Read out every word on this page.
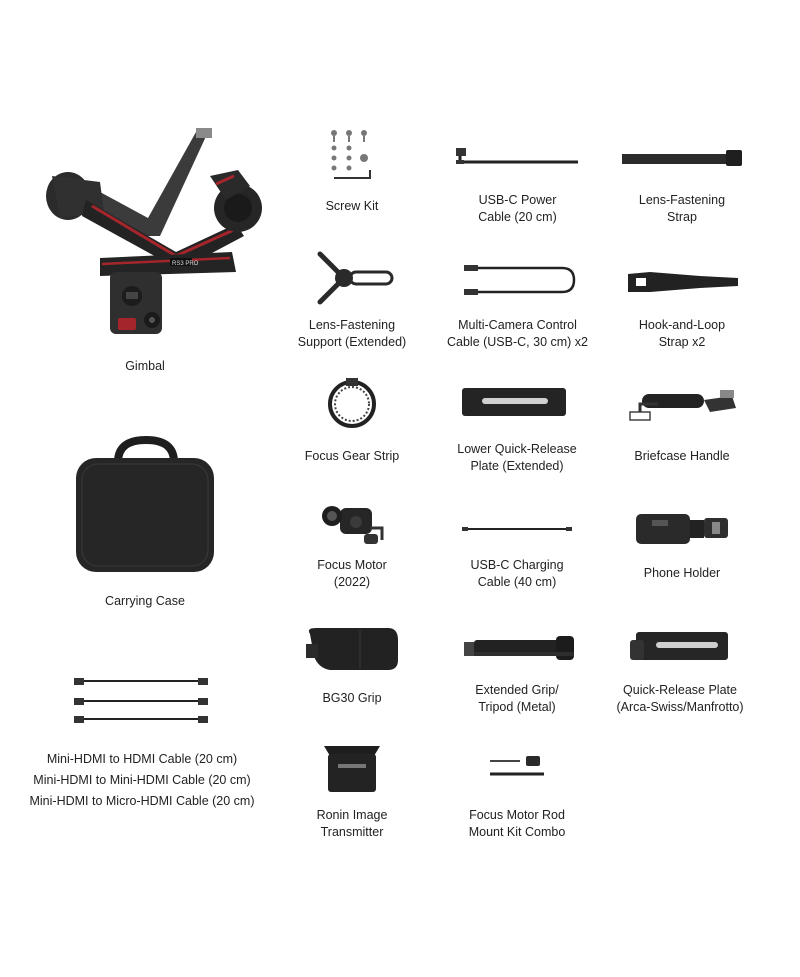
RS3 PRO
Gimbal
Screw Kit	USB-C Power
Cable (20 cm)
Lens-Fastening
Strap
Lens-Fastening
Support (Extended)
Multi-Camera Control
Cable (USB-C, 30 cm) x2
Hook-and-Loop
Strap x2
Carrying Case
Focus Gear Strip	Lower Quick-Release
Plate (Extended)
Briefcase Handle
Focus Motor
(2022)
USB-C Charging
Cable (40 cm)
Phone Holder
BG30 Grip
Extended Grip/
Tripod (Metal)
Quick-Release Plate
(Arca-Swiss/Manfrotto)
Mini-HDMI to HDMI Cable (20 cm)
Mini-HDMI to Mini-HDMI Cable (20 cm)
Mini-HDMI to Micro-HDMI Cable (20 cm)
Ronin Image
Transmitter
Focus Motor Rod
Mount Kit Combo
